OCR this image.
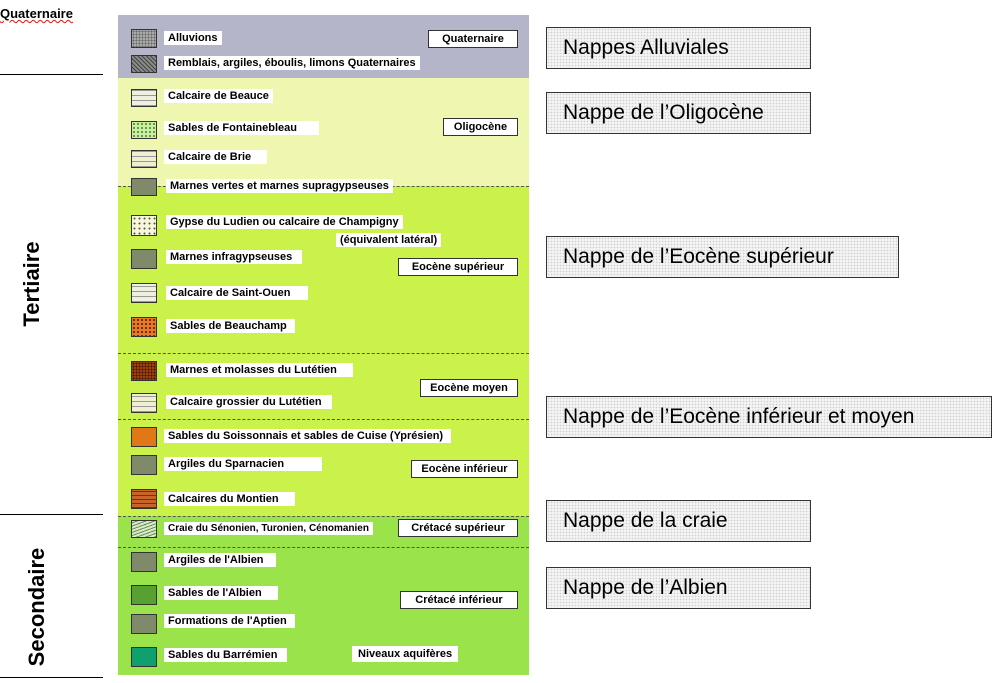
Quaternaire
Tertiaire
Secondaire
Alluvions
Remblais, argiles, éboulis, limons Quaternaires
Calcaire de Beauce
Sables de Fontainebleau
Calcaire de Brie
Marnes vertes et marnes supragypseuses
Gypse du Ludien ou calcaire de Champigny
(équivalent latéral)
Marnes infragypseuses
Calcaire de Saint-Ouen
Sables de Beauchamp
Marnes et molasses du Lutétien
Calcaire grossier du Lutétien
Sables du Soissonnais et sables de Cuise (Yprésien)
Argiles du Sparnacien
Calcaires du Montien
Craie du Sénonien, Turonien, Cénomanien
Argiles de l'Albien
Sables de l'Albien
Formations de l'Aptien
Sables du Barrémien
Quaternaire
Oligocène
Eocène supérieur
Eocène moyen
Eocène inférieur
Crétacé supérieur
Crétacé inférieur
Niveaux aquifères
Nappes Alluviales
Nappe de l’Oligocène
Nappe de l’Eocène supérieur
Nappe de l’Eocène inférieur et moyen
Nappe de la craie
Nappe de l’Albien
